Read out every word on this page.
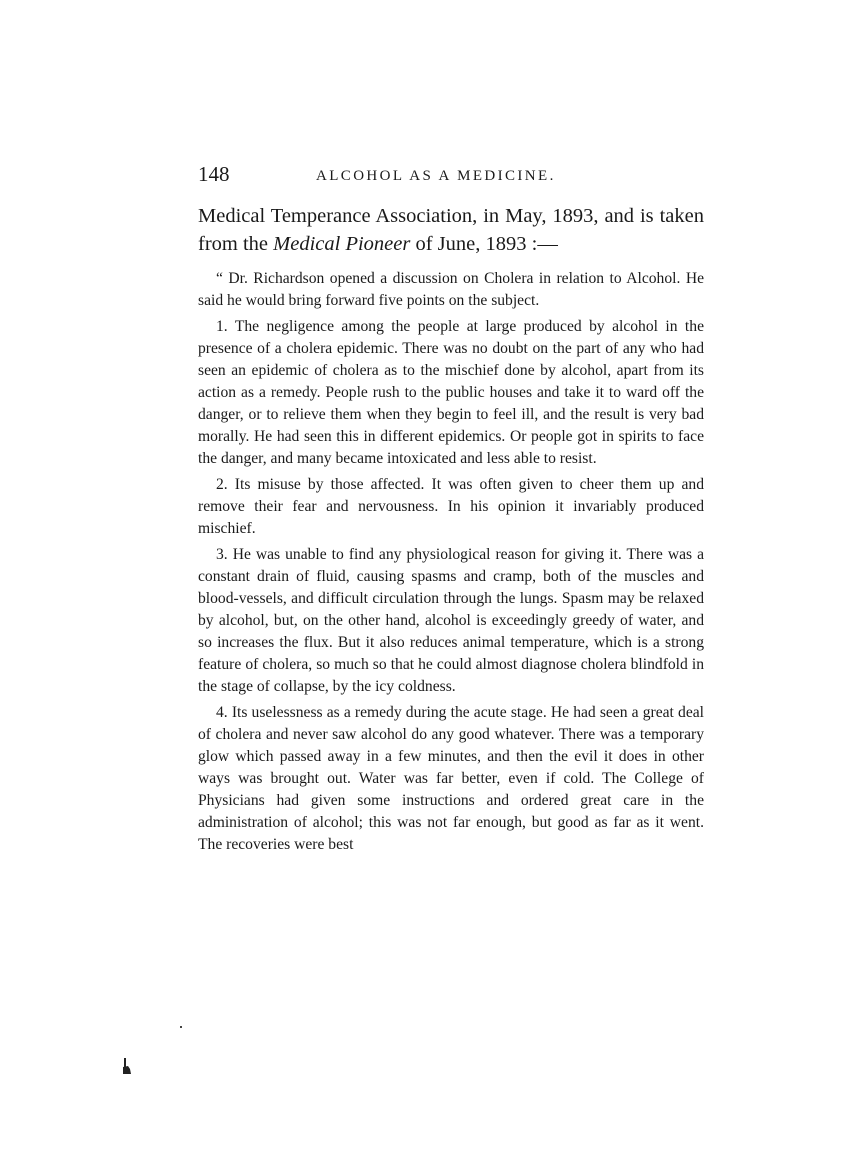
148	ALCOHOL AS A MEDICINE.

Medical Temperance Association, in May, 1893, and is taken from the Medical Pioneer of June, 1893 :—

“ Dr. Richardson opened a discussion on Cholera in relation to Alcohol. He said he would bring forward five points on the subject.

1. The negligence among the people at large produced by alcohol in the presence of a cholera epidemic. There was no doubt on the part of any who had seen an epidemic of cholera as to the mischief done by alcohol, apart from its action as a remedy. People rush to the public houses and take it to ward off the danger, or to relieve them when they begin to feel ill, and the result is very bad morally. He had seen this in different epidemics. Or people got in spirits to face the danger, and many became intoxicated and less able to resist.

2. Its misuse by those affected. It was often given to cheer them up and remove their fear and nervousness. In his opinion it invariably produced mischief.

3. He was unable to find any physiological reason for giving it. There was a constant drain of fluid, causing spasms and cramp, both of the muscles and blood-vessels, and difficult circulation through the lungs. Spasm may be relaxed by alcohol, but, on the other hand, alcohol is exceedingly greedy of water, and so increases the flux. But it also reduces animal temperature, which is a strong feature of cholera, so much so that he could almost diagnose cholera blindfold in the stage of collapse, by the icy coldness.

4. Its uselessness as a remedy during the acute stage. He had seen a great deal of cholera and never saw alcohol do any good whatever. There was a temporary glow which passed away in a few minutes, and then the evil it does in other ways was brought out. Water was far better, even if cold. The College of Physicians had given some instructions and ordered great care in the administration of alcohol; this was not far enough, but good as far as it went. The recoveries were best
